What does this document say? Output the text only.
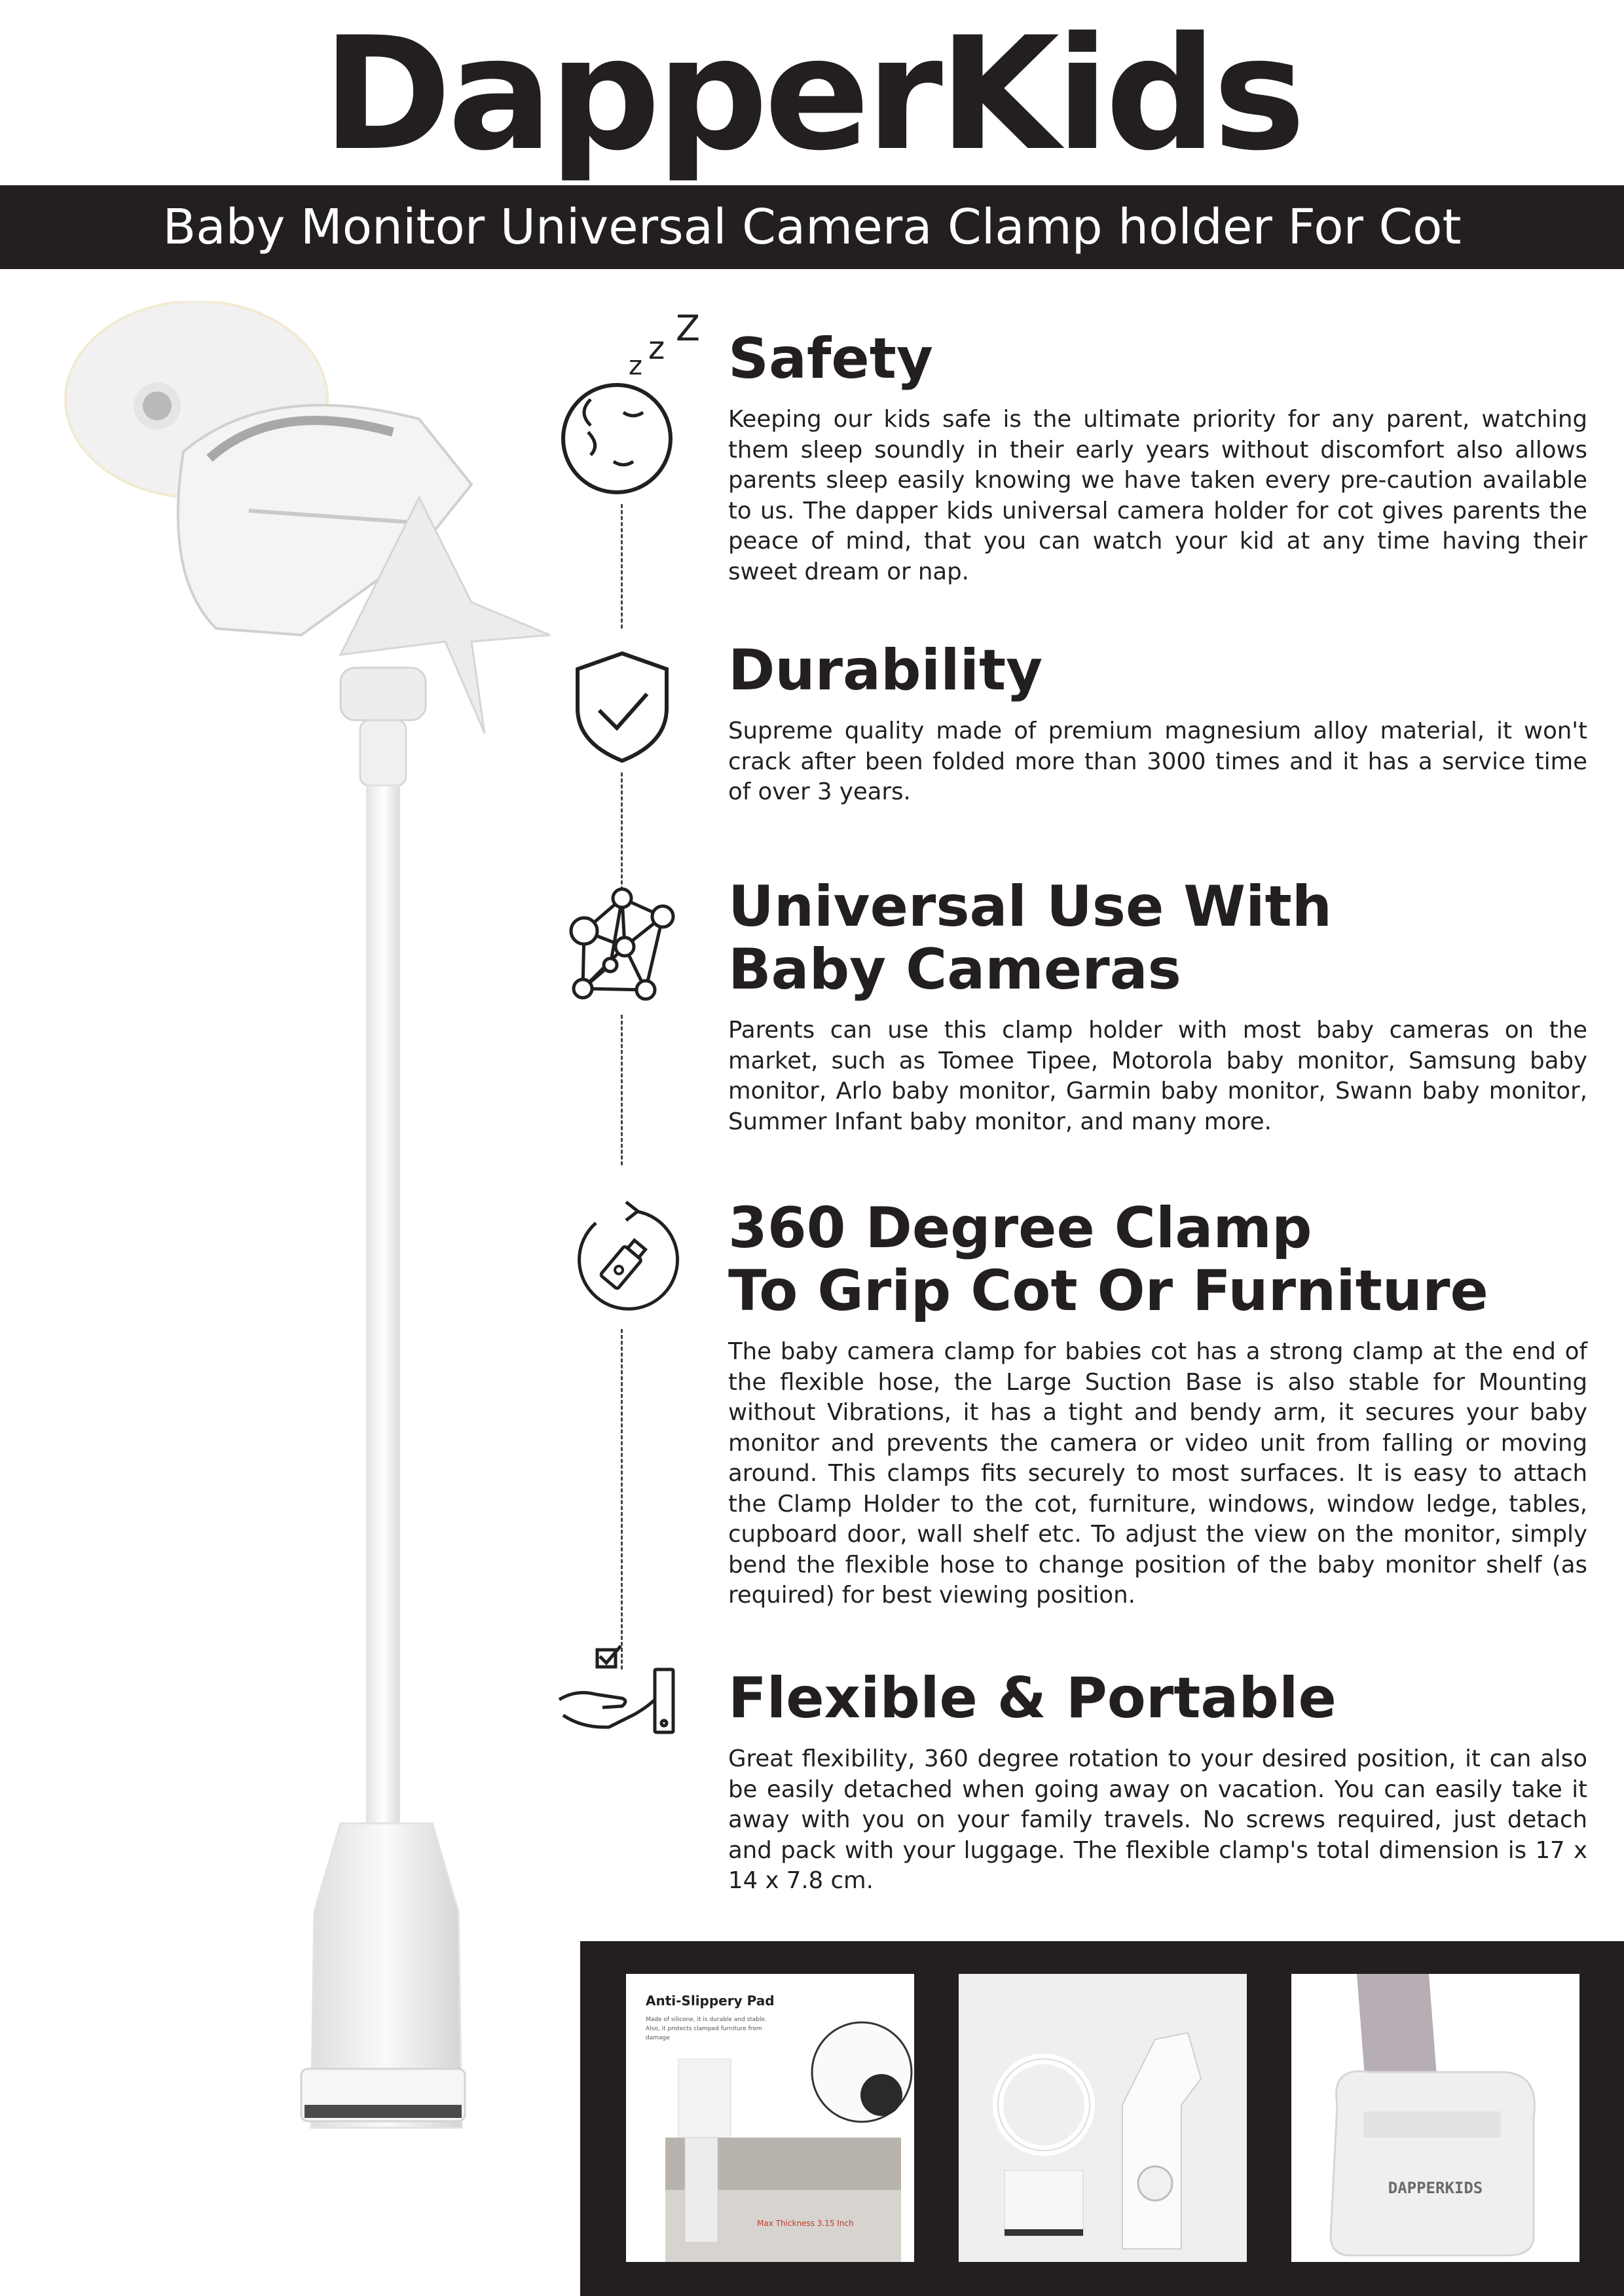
DapperKids
Baby Monitor Universal Camera Clamp holder For Cot
z z Z Safety

Keeping our kids safe is the ultimate priority for any parent, watching them sleep soundly in their early years without discomfort also allows parents sleep easily knowing we have taken every pre-caution available to us. The dapper kids universal camera holder for cot gives parents the peace of mind, that you can watch your kid at any time having their sweet dream or nap.

Durability

Supreme quality made of premium magnesium alloy material, it won't crack after been folded more than 3000 times and it has a service time of over 3 years.

Universal Use With
Baby Cameras

Parents can use this clamp holder with most baby cameras on the market, such as Tomee Tipee, Motorola baby monitor, Samsung baby monitor, Arlo baby monitor, Garmin baby monitor, Swann baby monitor, Summer Infant baby monitor, and many more.

360 Degree Clamp
To Grip Cot Or Furniture

The baby camera clamp for babies cot has a strong clamp at the end of the flexible hose, the Large Suction Base is also stable for Mounting without Vibrations, it has a tight and bendy arm, it secures your baby monitor and prevents the camera or video unit from falling or moving around. This clamps fits securely to most surfaces. It is easy to attach the Clamp Holder to the cot, furniture, windows, window ledge, tables, cupboard door, wall shelf etc. To adjust the view on the monitor, simply bend the flexible hose to change position of the baby monitor shelf (as required) for best viewing position.

Flexible & Portable

Great flexibility, 360 degree rotation to your desired position, it can also be easily detached when going away on vacation. You can easily take it away with you on your family travels. No screws required, just detach and pack with your luggage. The flexible clamp's total dimension is 17 x 14 x 7.8 cm.

Anti-Slippery Pad
Made of silicone, it is durable and stable.
Also, it protects clamped furniture from
damage
Max Thickness 3.15 Inch
DAPPERKIDS
